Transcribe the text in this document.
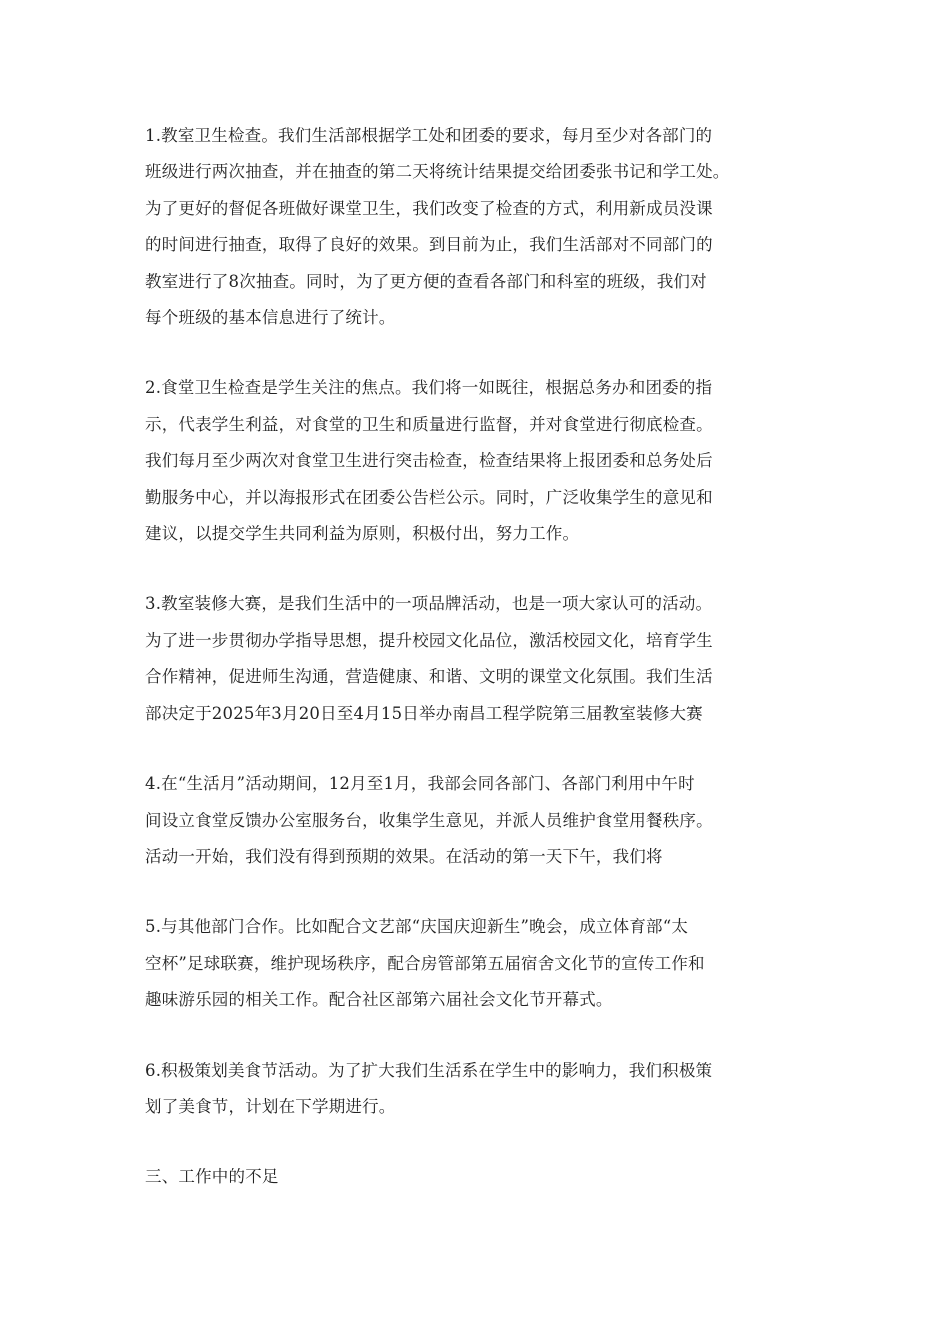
1.教室卫生检查。我们生活部根据学工处和团委的要求，每月至少对各部门的
班级进行两次抽查，并在抽查的第二天将统计结果提交给团委张书记和学工处。
为了更好的督促各班做好课堂卫生，我们改变了检查的方式，利用新成员没课
的时间进行抽查，取得了良好的效果。到目前为止，我们生活部对不同部门的
教室进行了8次抽查。同时，为了更方便的查看各部门和科室的班级，我们对
每个班级的基本信息进行了统计。

2.食堂卫生检查是学生关注的焦点。我们将一如既往，根据总务办和团委的指
示，代表学生利益，对食堂的卫生和质量进行监督，并对食堂进行彻底检查。
我们每月至少两次对食堂卫生进行突击检查，检查结果将上报团委和总务处后
勤服务中心，并以海报形式在团委公告栏公示。同时，广泛收集学生的意见和
建议，以提交学生共同利益为原则，积极付出，努力工作。

3.教室装修大赛，是我们生活中的一项品牌活动，也是一项大家认可的活动。
为了进一步贯彻办学指导思想，提升校园文化品位，激活校园文化，培育学生
合作精神，促进师生沟通，营造健康、和谐、文明的课堂文化氛围。我们生活
部决定于2025年3月20日至4月15日举办南昌工程学院第三届教室装修大赛

4.在“生活月”活动期间，12月至1月，我部会同各部门、各部门利用中午时
间设立食堂反馈办公室服务台，收集学生意见，并派人员维护食堂用餐秩序。
活动一开始，我们没有得到预期的效果。在活动的第一天下午，我们将

5.与其他部门合作。比如配合文艺部“庆国庆迎新生”晚会，成立体育部“太
空杯”足球联赛，维护现场秩序，配合房管部第五届宿舍文化节的宣传工作和
趣味游乐园的相关工作。配合社区部第六届社会文化节开幕式。

6.积极策划美食节活动。为了扩大我们生活系在学生中的影响力，我们积极策
划了美食节，计划在下学期进行。

三、工作中的不足
